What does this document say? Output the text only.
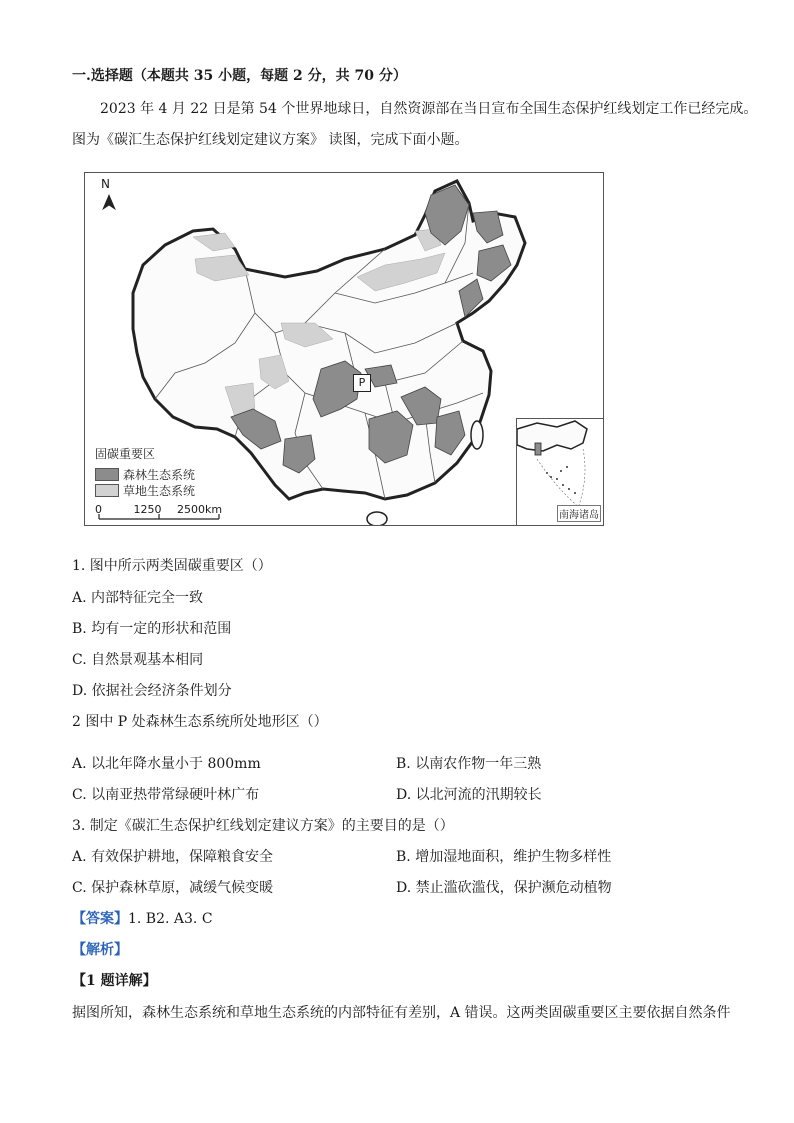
一.选择题（本题共 35 小题，每题 2 分，共 70 分）
2023 年 4 月 22 日是第 54 个世界地球日，自然资源部在当日宣布全国生态保护红线划定工作已经完成。
图为《碳汇生态保护红线划定建议方案》 读图，完成下面小题。
N
P
固碳重要区
森林生态系统
草地生态系统
0	1250 2500km	南海诸岛
1. 图中所示两类固碳重要区（）
A. 内部特征完全一致
B. 均有一定的形状和范围
C. 自然景观基本相同
D. 依据社会经济条件划分
2 图中 P 处森林生态系统所处地形区（）
A. 以北年降水量小于 800mm	B. 以南农作物一年三熟
C. 以南亚热带常绿硬叶林广布	D. 以北河流的汛期较长
3. 制定《碳汇生态保护红线划定建议方案》的主要目的是（）
A. 有效保护耕地，保障粮食安全	B. 增加湿地面积，维护生物多样性
C. 保护森林草原，减缓气候变暖	D. 禁止滥砍滥伐，保护濒危动植物
【答案】1. B2. A3. C
【解析】
【1 题详解】
据图所知，森林生态系统和草地生态系统的内部特征有差别，A 错误。这两类固碳重要区主要依据自然条件
